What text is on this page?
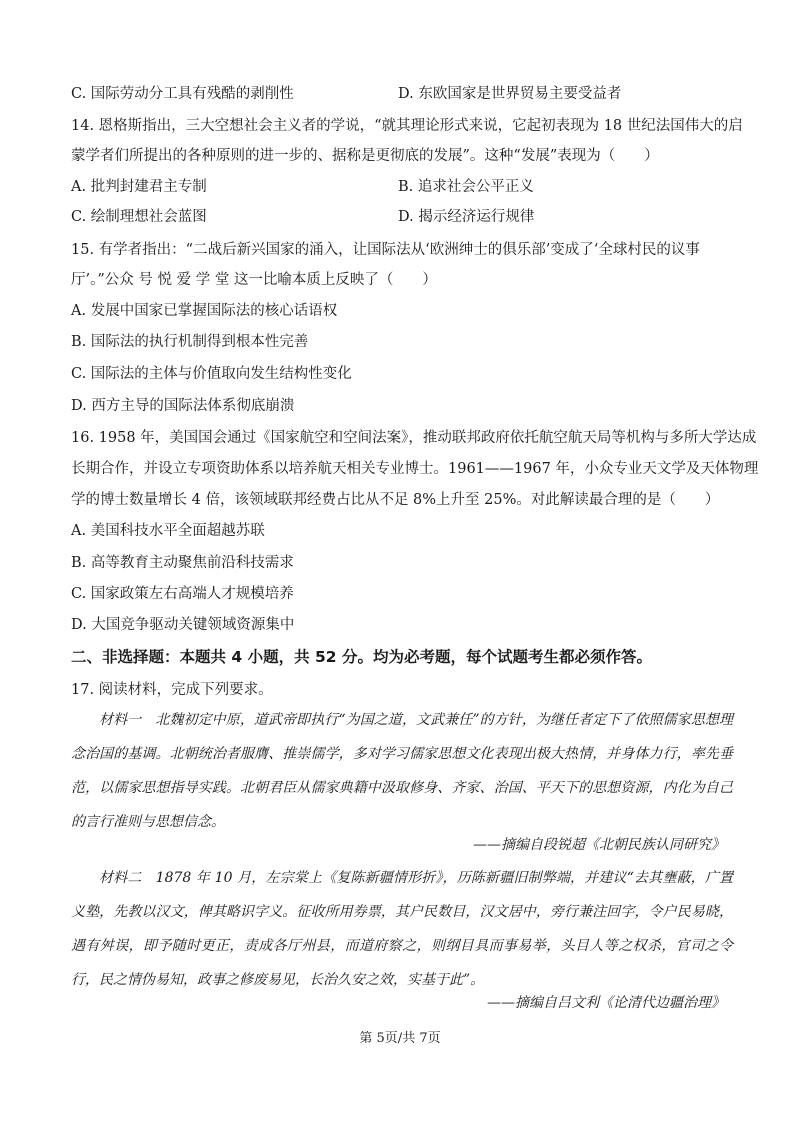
C. 国际劳动分工具有残酷的剥削性	D. 东欧国家是世界贸易主要受益者
14. 恩格斯指出，三大空想社会主义者的学说，“就其理论形式来说，它起初表现为 18 世纪法国伟大的启
蒙学者们所提出的各种原则的进一步的、据称是更彻底的发展”。这种“发展”表现为（　　）
A. 批判封建君主专制	B. 追求社会公平正义
C. 绘制理想社会蓝图	D. 揭示经济运行规律
15. 有学者指出：“二战后新兴国家的涌入，让国际法从‘欧洲绅士的俱乐部’变成了‘全球村民的议事
厅’。”公众 号 悦 爱 学 堂 这一比喻本质上反映了（　　）
A. 发展中国家已掌握国际法的核心话语权
B. 国际法的执行机制得到根本性完善
C. 国际法的主体与价值取向发生结构性变化
D. 西方主导的国际法体系彻底崩溃
16. 1958 年，美国国会通过《国家航空和空间法案》，推动联邦政府依托航空航天局等机构与多所大学达成
长期合作，并设立专项资助体系以培养航天相关专业博士。1961——1967 年，小众专业天文学及天体物理
学的博士数量增长 4 倍，该领域联邦经费占比从不足 8%上升至 25%。对此解读最合理的是（　　）
A. 美国科技水平全面超越苏联
B. 高等教育主动聚焦前沿科技需求
C. 国家政策左右高端人才规模培养
D. 大国竞争驱动关键领域资源集中
二、非选择题：本题共 4 小题，共 52 分。均为必考题，每个试题考生都必须作答。
17. 阅读材料，完成下列要求。
材料一　北魏初定中原，道武帝即执行“为国之道，文武兼任”的方针，为继任者定下了依照儒家思想理念治国的基调。北朝统治者服膺、推崇儒学，多对学习儒家思想文化表现出极大热情，并身体力行，率先垂范，以儒家思想指导实践。北朝君臣从儒家典籍中汲取修身、齐家、治国、平天下的思想资源，内化为自己的言行准则与思想信念。
——摘编自段锐超《北朝民族认同研究》
材料二　1878 年 10 月，左宗棠上《复陈新疆情形折》，历陈新疆旧制弊端，并建议“去其壅蔽，广置义塾，先教以汉文，俾其略识字义。征收所用券票，其户民数目，汉文居中，旁行兼注回字，令户民易晓，遇有舛误，即予随时更正，责成各厅州县，而道府察之，则纲目具而事易举，头目人等之权杀，官司之令行，民之情伪易知，政事之修废易见，长治久安之效，实基于此”。
——摘编自吕文利《论清代边疆治理》
第 5页/共 7页
